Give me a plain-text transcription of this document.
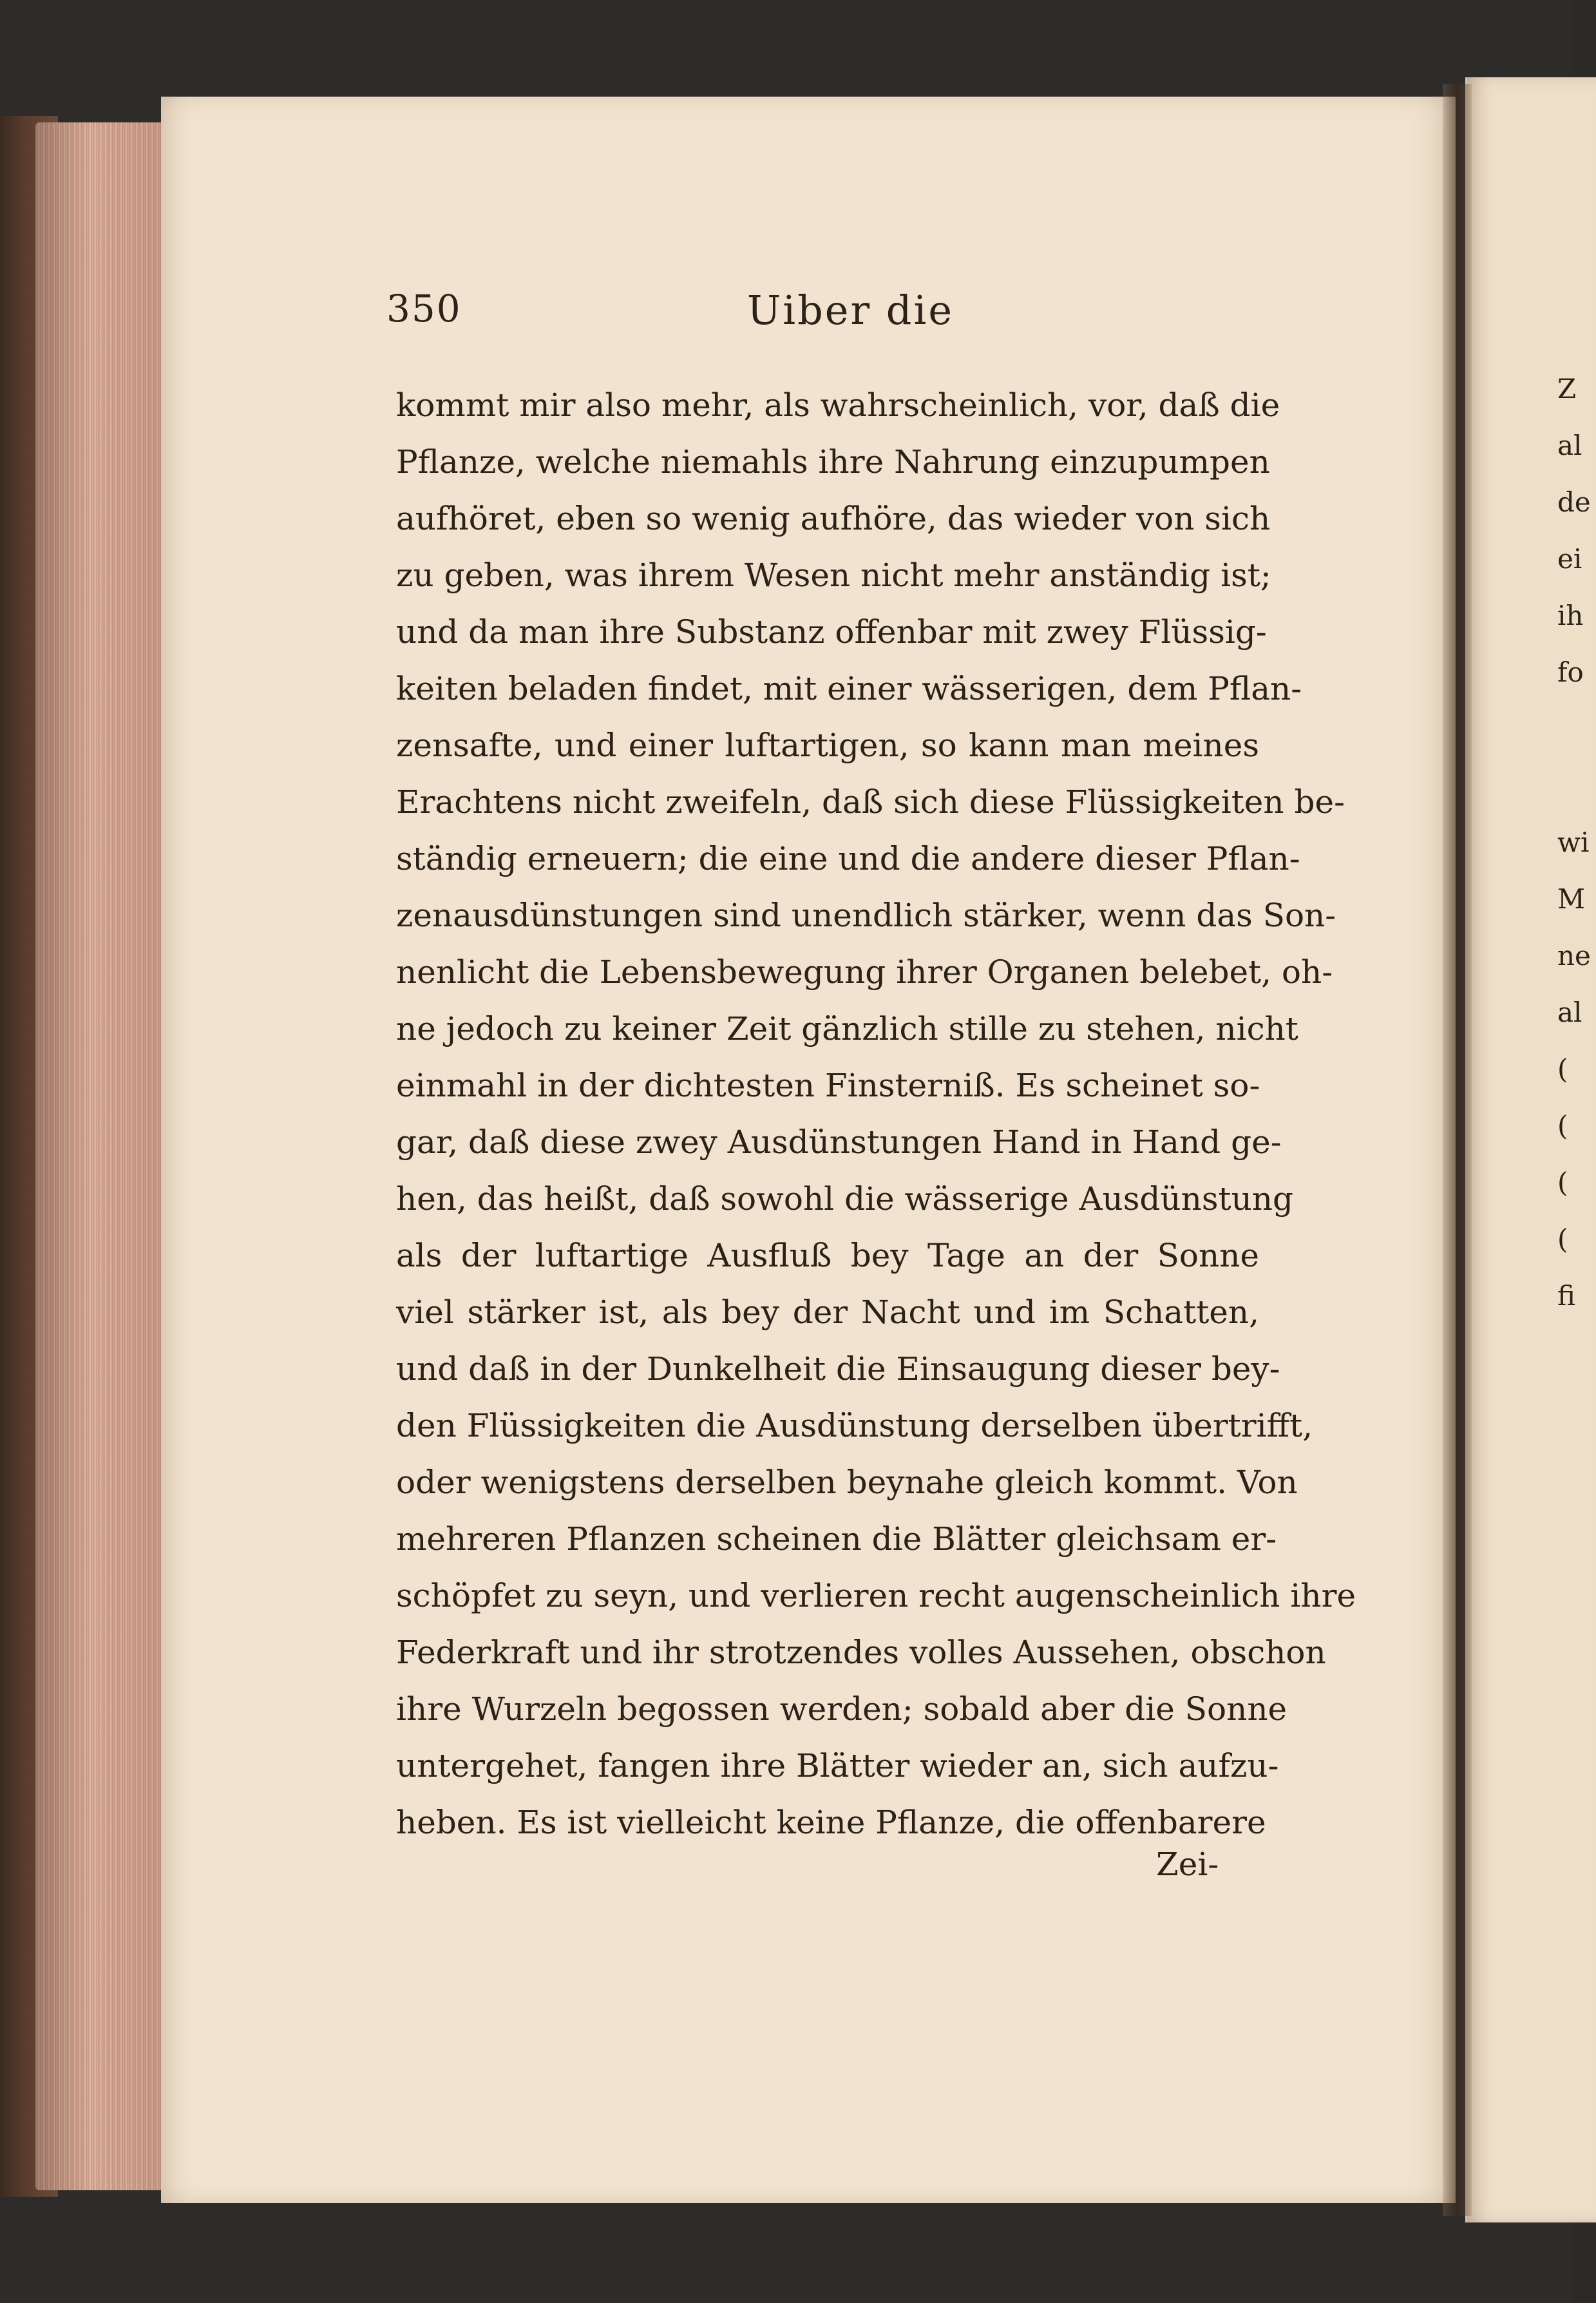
350	Uiber die
kommt mir also mehr, als wahrscheinlich, vor, daß die
Pflanze, welche niemahls ihre Nahrung einzupumpen
aufhöret, eben so wenig aufhöre, das wieder von sich
zu geben, was ihrem Wesen nicht mehr anständig ist;
und da man ihre Substanz offenbar mit zwey Flüssig-
keiten beladen findet, mit einer wässerigen, dem Pflan-
zensafte, und einer luftartigen, so kann man meines
Erachtens nicht zweifeln, daß sich diese Flüssigkeiten be-
ständig erneuern; die eine und die andere dieser Pflan-
zenausdünstungen sind unendlich stärker, wenn das Son-
nenlicht die Lebensbewegung ihrer Organen belebet, oh-
ne jedoch zu keiner Zeit gänzlich stille zu stehen, nicht
einmahl in der dichtesten Finsterniß. Es scheinet so-
gar, daß diese zwey Ausdünstungen Hand in Hand ge-
hen, das heißt, daß sowohl die wässerige Ausdünstung
als der luftartige Ausfluß bey Tage an der Sonne
viel stärker ist, als bey der Nacht und im Schatten,
und daß in der Dunkelheit die Einsaugung dieser bey-
den Flüssigkeiten die Ausdünstung derselben übertrifft,
oder wenigstens derselben beynahe gleich kommt. Von
mehreren Pflanzen scheinen die Blätter gleichsam er-
schöpfet zu seyn, und verlieren recht augenscheinlich ihre
Federkraft und ihr strotzendes volles Aussehen, obschon
ihre Wurzeln begossen werden; sobald aber die Sonne
untergehet, fangen ihre Blätter wieder an, sich aufzu-
heben. Es ist vielleicht keine Pflanze, die offenbarere
Zei-
Z
al
de
ei
ih
fo
wi
M
ne
al
(
(
(
(
fi
